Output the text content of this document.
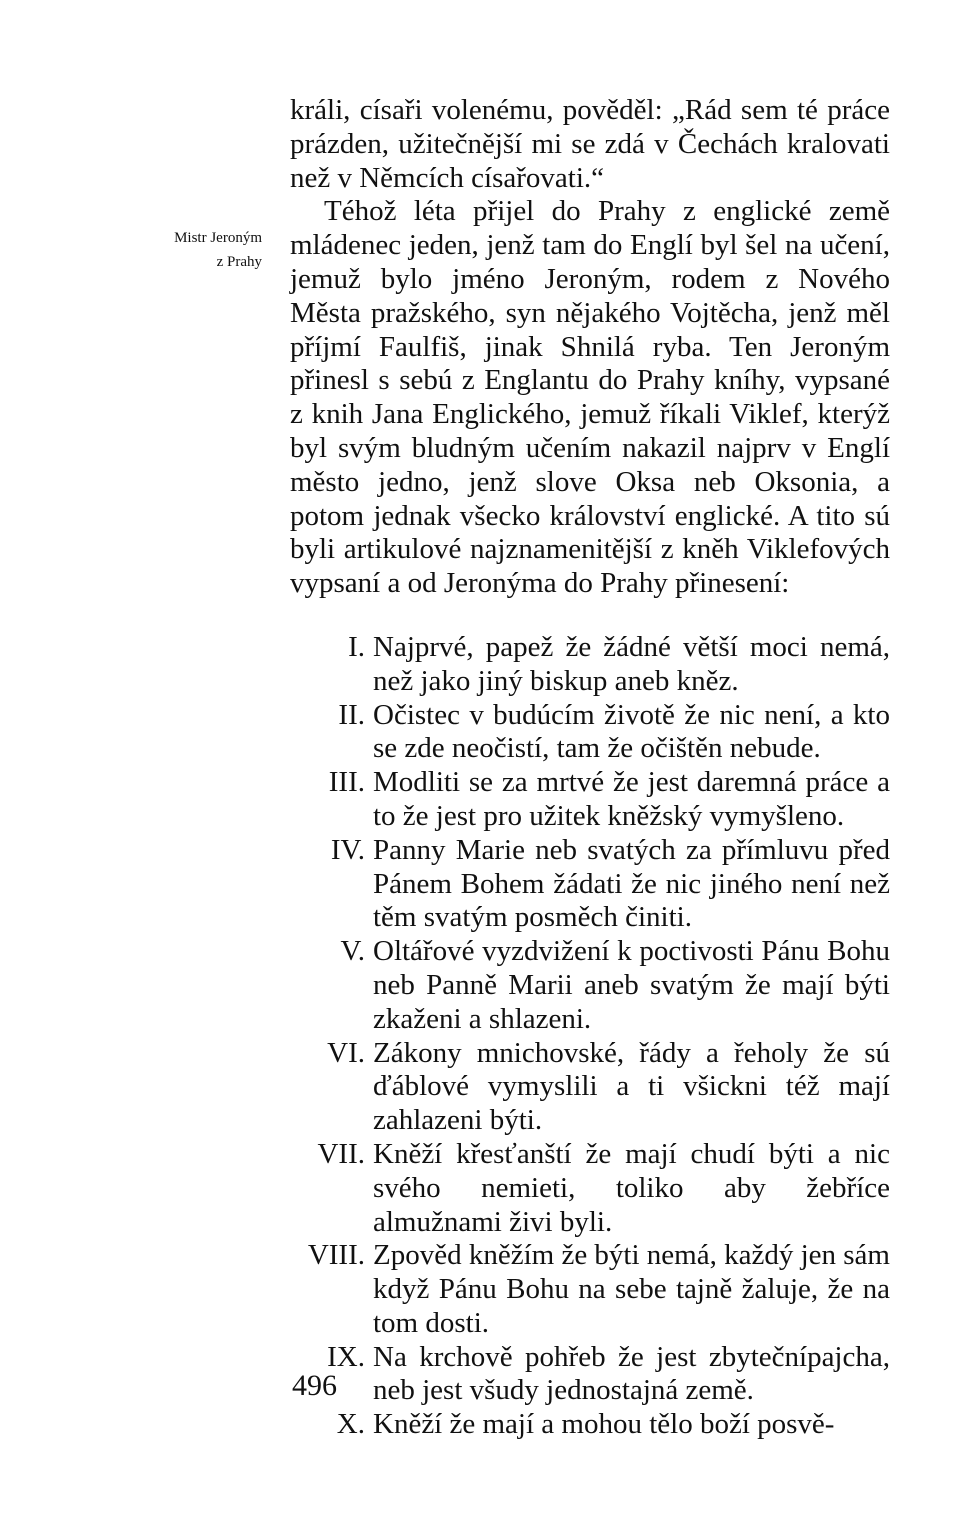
Mistr Jeroným
z Prahy

králi, císaři volenému, pověděl: „Rád sem té práce prázden, užitečnější mi se zdá v Čechách kralovati než v Němcích císařovati.“

Téhož léta přijel do Prahy z englické země mládenec jeden, jenž tam do Englí byl šel na učení, jemuž bylo jméno Jeroným, rodem z Nového Města pražského, syn nějakého Vojtěcha, jenž měl příjmí Faulfiš, jinak Shnilá ryba. Ten Jeroným přinesl s sebú z Englantu do Prahy kníhy, vypsané z knih Jana Englického, jemuž říkali Viklef, kterýž byl svým bludným učením nakazil najprv v Englí město jedno, jenž slove Oksa neb Oksonia, a potom jednak všecko království englické. A tito sú byli artikulové najznamenitější z kněh Viklefových vypsaní a od Jeronýma do Prahy přinesení:

I. Najprvé, papež že žádné větší moci nemá, než jako jiný biskup aneb kněz.
II. Očistec v budúcím životě že nic není, a kto se zde neočistí, tam že očištěn nebude.
III. Modliti se za mrtvé že jest daremná práce a to že jest pro užitek kněžský vymyšleno.
IV. Panny Marie neb svatých za přímluvu před Pánem Bohem žádati že nic jiného není než těm svatým posměch činiti.
V. Oltářové vyzdvižení k poctivosti Pánu Bohu neb Panně Marii aneb svatým že mají býti zkaženi a shlazeni.
VI. Zákony mnichovské, řády a řeholy že sú ďáblové vymyslili a ti všickni též mají zahlazeni býti.
VII. Kněží křesťanští že mají chudí býti a nic svého nemieti, toliko aby žebříce almužnami živi byli.
VIII. Zpověd kněžím že býti nemá, každý jen sám když Pánu Bohu na sebe tajně žaluje, že na tom dosti.
IX. Na krchově pohřeb že jest zbytečnípajcha, neb jest všudy jednostajná země.
X. Kněží že mají a mohou tělo boží posvě-
496
